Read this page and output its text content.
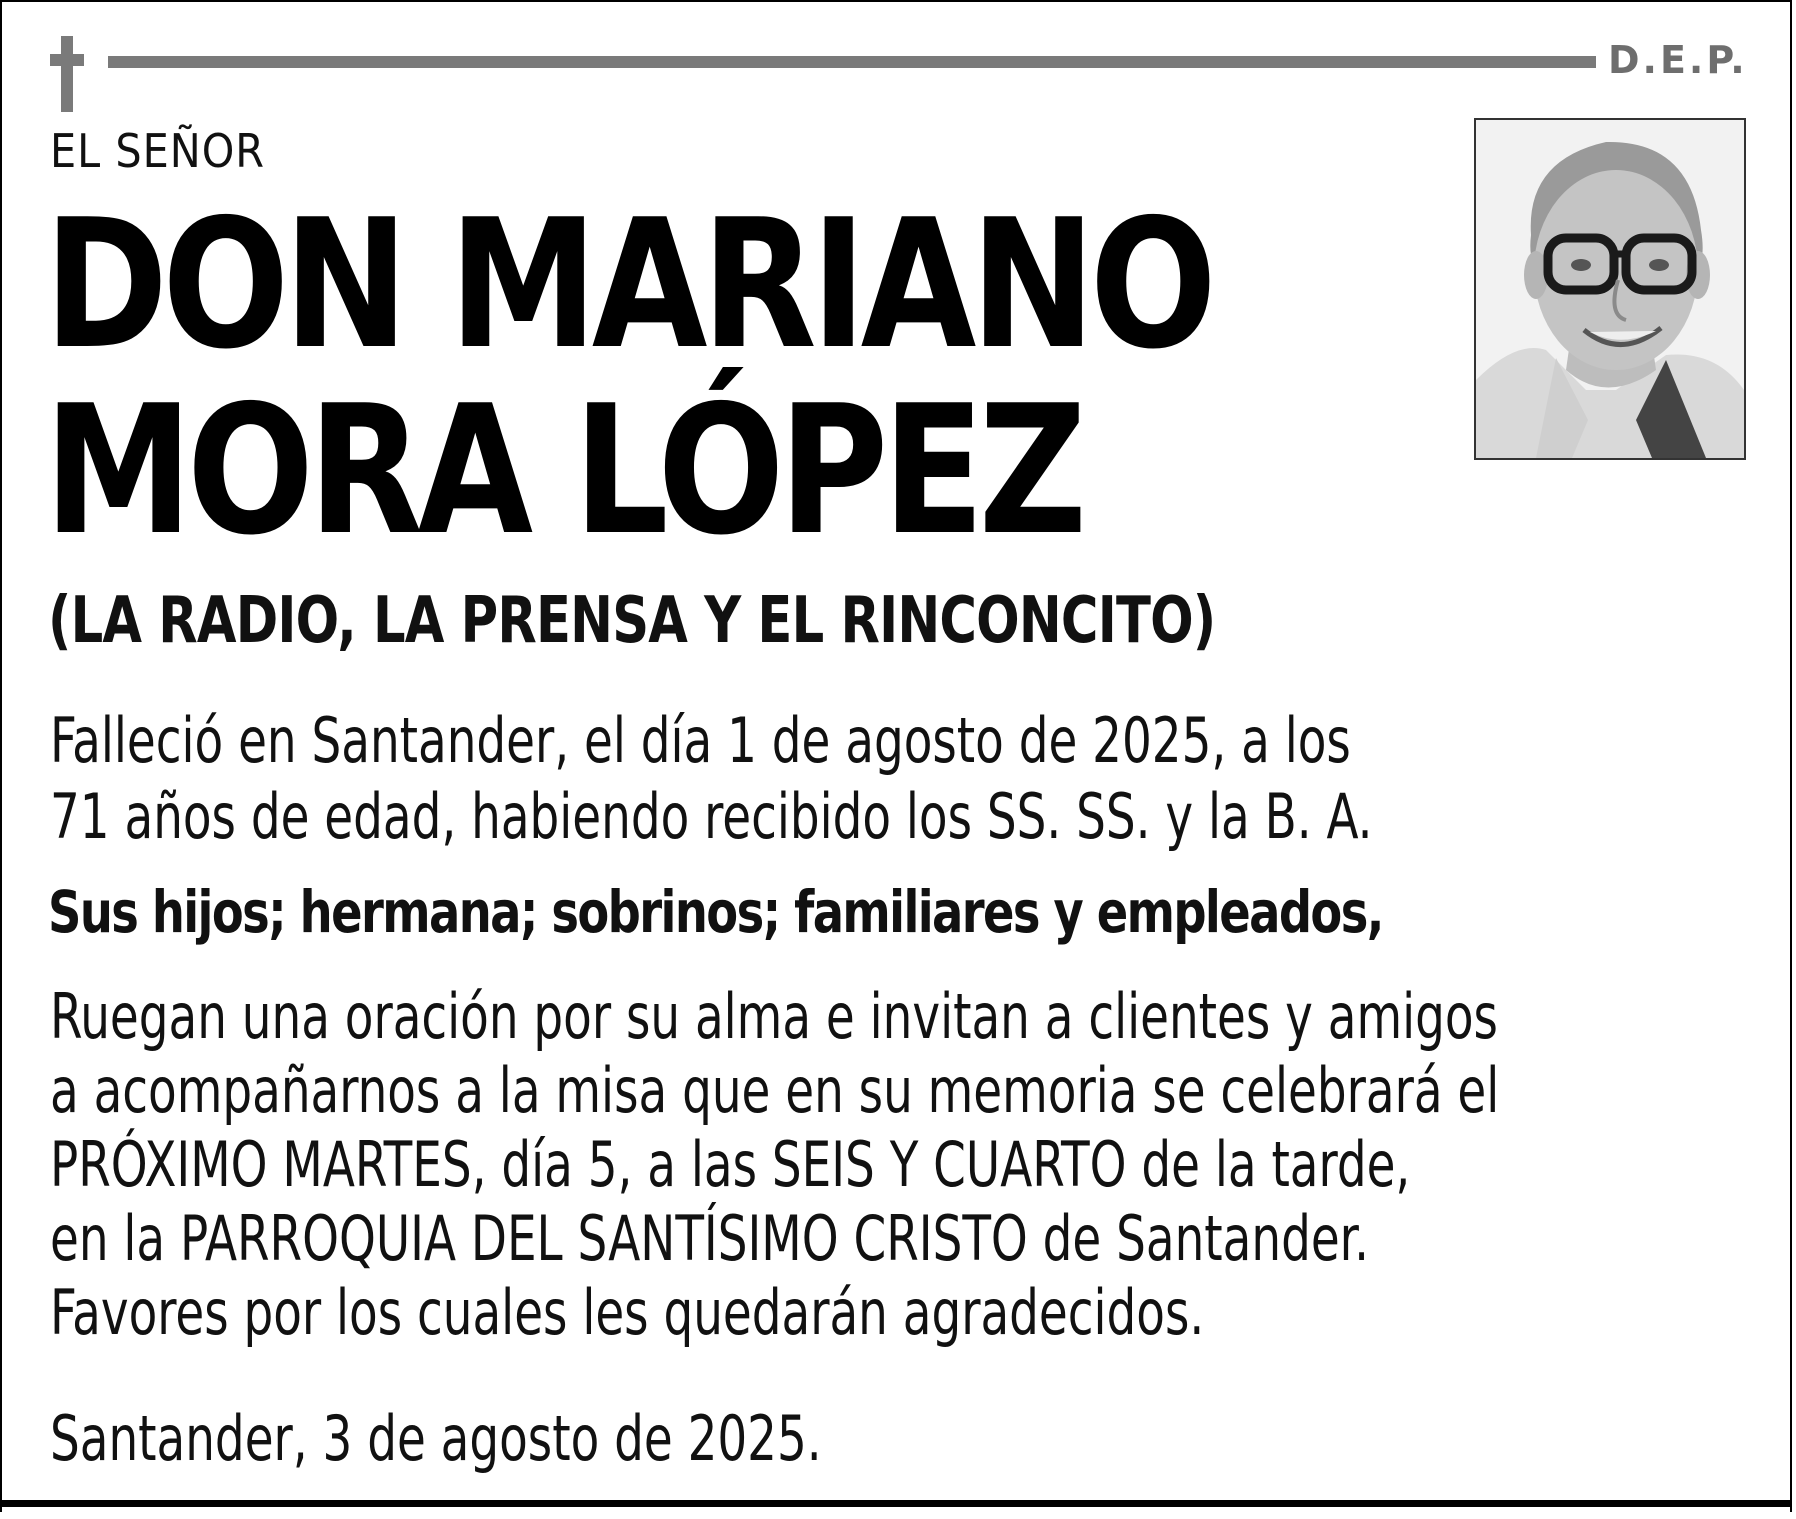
D.E.P.
EL SEÑOR
DON MARIANO
MORA LÓPEZ
(LA RADIO, LA PRENSA Y EL RINCONCITO)
Falleció en Santander, el día 1 de agosto de 2025, a los
71 años de edad, habiendo recibido los SS. SS. y la B. A.
Sus hijos; hermana; sobrinos; familiares y empleados,
Ruegan una oración por su alma e invitan a clientes y amigos
a acompañarnos a la misa que en su memoria se celebrará el
PRÓXIMO MARTES, día 5, a las SEIS Y CUARTO de la tarde,
en la PARROQUIA DEL SANTÍSIMO CRISTO de Santander.
Favores por los cuales les quedarán agradecidos.
Santander, 3 de agosto de 2025.
